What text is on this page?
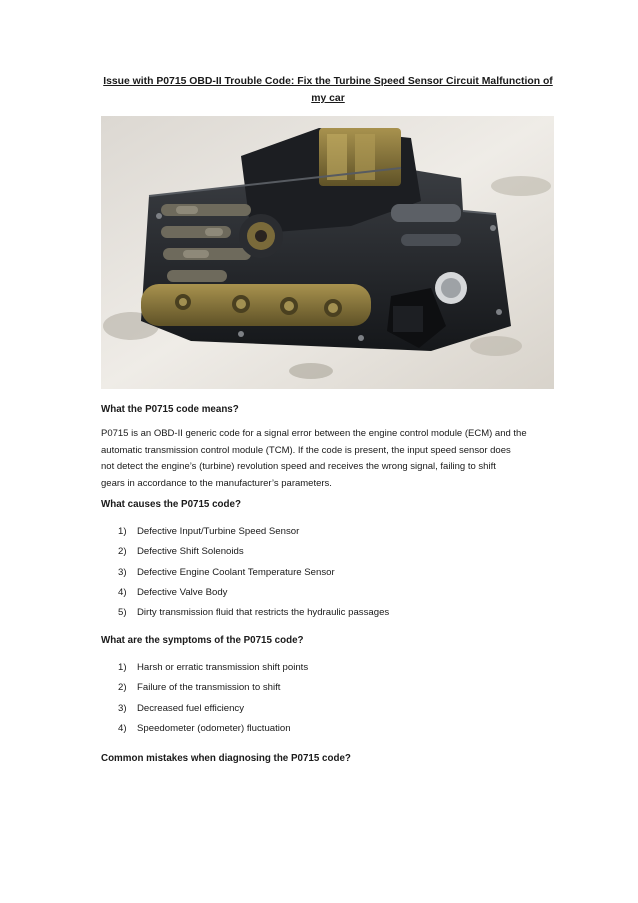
Issue with P0715 OBD-II Trouble Code: Fix the Turbine Speed Sensor Circuit Malfunction of my car
What the P0715 code means?
P0715 is an OBD-II generic code for a signal error between the engine control module (ECM) and the
automatic transmission control module (TCM). If the code is present, the input speed sensor does
not detect the engine’s (turbine) revolution speed and receives the wrong signal, failing to shift
gears in accordance to the manufacturer’s parameters.
What causes the P0715 code?
1)	Defective Input/Turbine Speed Sensor
2)	Defective Shift Solenoids
3)	Defective Engine Coolant Temperature Sensor
4)	Defective Valve Body
5)	Dirty transmission fluid that restricts the hydraulic passages
What are the symptoms of the P0715 code?
1)	Harsh or erratic transmission shift points
2)	Failure of the transmission to shift
3)	Decreased fuel efficiency
4)	Speedometer (odometer) fluctuation
Common mistakes when diagnosing the P0715 code?
